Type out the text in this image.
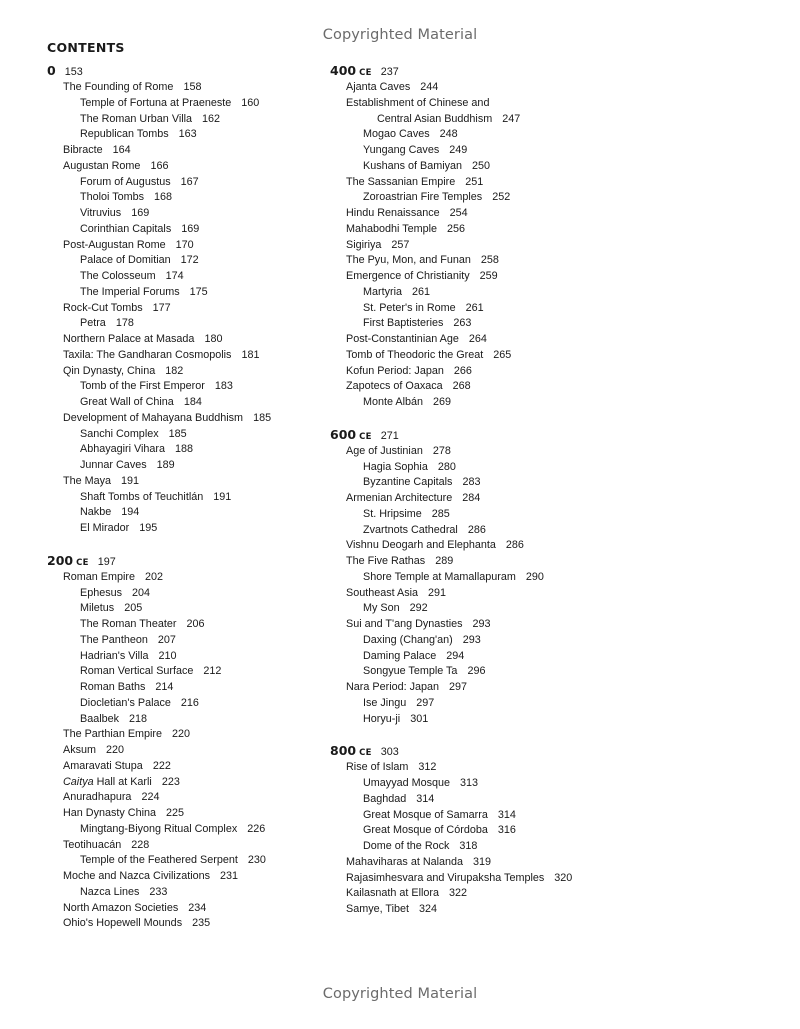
Copyrighted Material
CONTENTS
0 153
The Founding of Rome 158
Temple of Fortuna at Praeneste 160
The Roman Urban Villa 162
Republican Tombs 163
Bibracte 164
Augustan Rome 166
Forum of Augustus 167
Tholoi Tombs 168
Vitruvius 169
Corinthian Capitals 169
Post-Augustan Rome 170
Palace of Domitian 172
The Colosseum 174
The Imperial Forums 175
Rock-Cut Tombs 177
Petra 178
Northern Palace at Masada 180
Taxila: The Gandharan Cosmopolis 181
Qin Dynasty, China 182
Tomb of the First Emperor 183
Great Wall of China 184
Development of Mahayana Buddhism 185
Sanchi Complex 185
Abhayagiri Vihara 188
Junnar Caves 189
The Maya 191
Shaft Tombs of Teuchitlán 191
Nakbe 194
El Mirador 195
200 CE 197
Roman Empire 202
Ephesus 204
Miletus 205
The Roman Theater 206
The Pantheon 207
Hadrian's Villa 210
Roman Vertical Surface 212
Roman Baths 214
Diocletian's Palace 216
Baalbek 218
The Parthian Empire 220
Aksum 220
Amaravati Stupa 222
Caitya Hall at Karli 223
Anuradhapura 224
Han Dynasty China 225
Mingtang-Biyong Ritual Complex 226
Teotihuacán 228
Temple of the Feathered Serpent 230
Moche and Nazca Civilizations 231
Nazca Lines 233
North Amazon Societies 234
Ohio's Hopewell Mounds 235
400 CE 237
Ajanta Caves 244
Establishment of Chinese and
Central Asian Buddhism 247
Mogao Caves 248
Yungang Caves 249
Kushans of Bamiyan 250
The Sassanian Empire 251
Zoroastrian Fire Temples 252
Hindu Renaissance 254
Mahabodhi Temple 256
Sigiriya 257
The Pyu, Mon, and Funan 258
Emergence of Christianity 259
Martyria 261
St. Peter's in Rome 261
First Baptisteries 263
Post-Constantinian Age 264
Tomb of Theodoric the Great 265
Kofun Period: Japan 266
Zapotecs of Oaxaca 268
Monte Albán 269
600 CE 271
Age of Justinian 278
Hagia Sophia 280
Byzantine Capitals 283
Armenian Architecture 284
St. Hripsime 285
Zvartnots Cathedral 286
Vishnu Deogarh and Elephanta 286
The Five Rathas 289
Shore Temple at Mamallapuram 290
Southeast Asia 291
My Son 292
Sui and T'ang Dynasties 293
Daxing (Chang'an) 293
Daming Palace 294
Songyue Temple Ta 296
Nara Period: Japan 297
Ise Jingu 297
Horyu-ji 301
800 CE 303
Rise of Islam 312
Umayyad Mosque 313
Baghdad 314
Great Mosque of Samarra 314
Great Mosque of Córdoba 316
Dome of the Rock 318
Mahaviharas at Nalanda 319
Rajasimhesvara and Virupaksha Temples 320
Kailasnath at Ellora 322
Samye, Tibet 324
Copyrighted Material
